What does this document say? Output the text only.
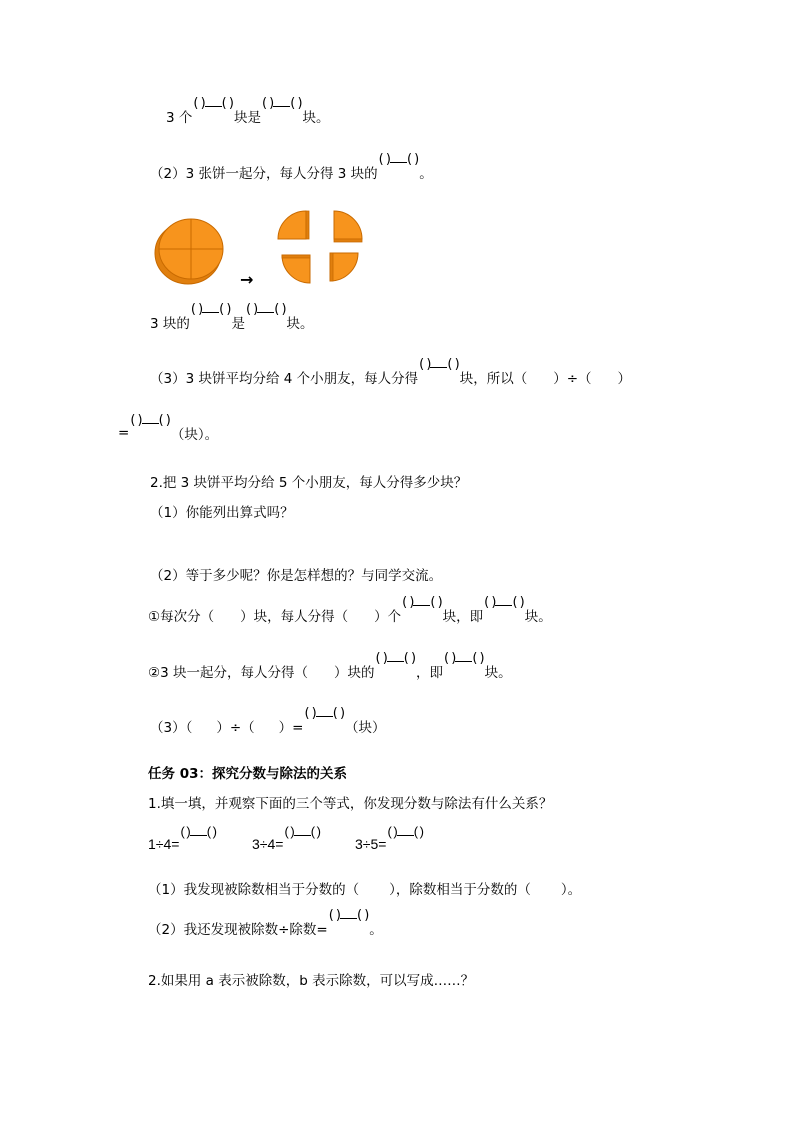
3 个
( ) ( )
块是
( ) ( )
块。
（2）3 张饼一起分，每人分得 3 块的
( ) ( )
。
→
3 块的
( ) ( )
是
( ) ( )
块。
（3）3 块饼平均分给 4 个小朋友，每人分得
( ) ( )
块，所以（ ）÷（ ）
=
( ) ( )
（块）。
2.把 3 块饼平均分给 5 个小朋友，每人分得多少块？
（1）你能列出算式吗？
（2）等于多少呢？你是怎样想的？与同学交流。
①每次分（ ）块，每人分得（ ）个
( ) ( )
块，即
( ) ( )
块。
②3 块一起分，每人分得（ ）块的
( ) ( )
，即
( ) ( )
块。
（3）（ ）÷（ ）=
( ) ( )
（块）
任务 03：探究分数与除法的关系
1.填一填，并观察下面的三个等式，你发现分数与除法有什么关系？
1÷4=
( ) ( )
3÷4=
( ) ( )
3÷5=
( ) ( )
（1）我发现被除数相当于分数的（ ），除数相当于分数的（ ）。
（2）我还发现被除数÷除数=
( ) ( )
。
2.如果用 a 表示被除数，b 表示除数，可以写成……？
